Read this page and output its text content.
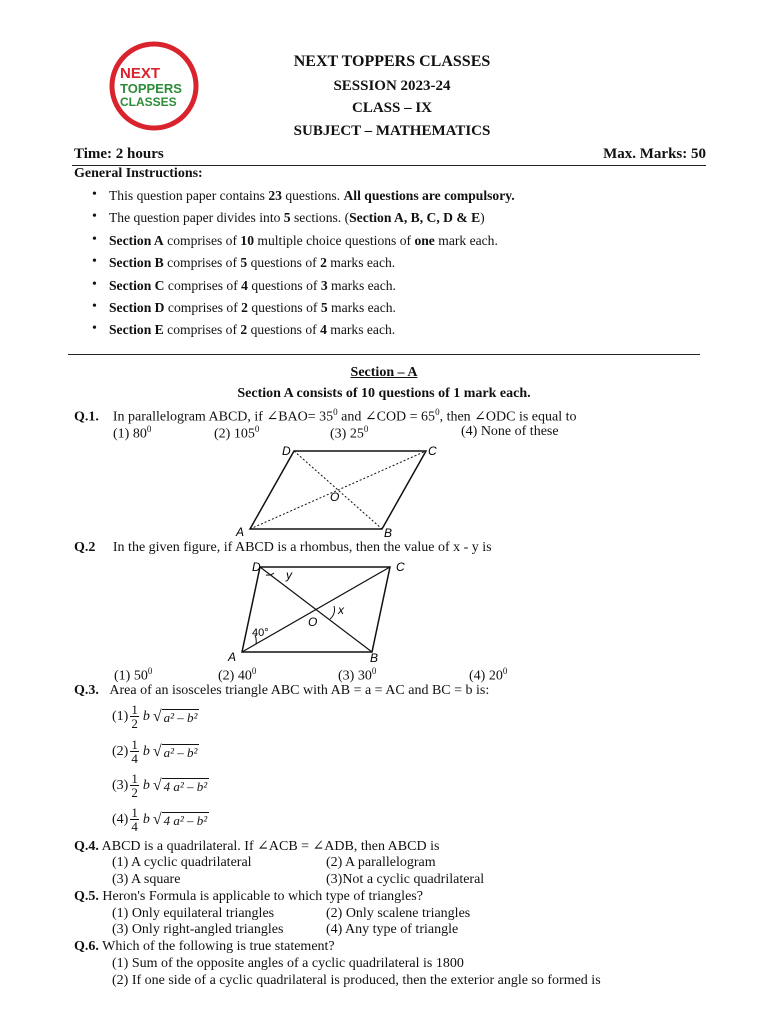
NEXT
TOPPERS
CLASSES
NEXT TOPPERS CLASSES
SESSION 2023-24
CLASS – IX
SUBJECT – MATHEMATICS
Time: 2 hours	Max. Marks: 50
General Instructions:
• This question paper contains 23 questions. All questions are compulsory.
• The question paper divides into 5 sections. (Section A, B, C, D & E)
• Section A comprises of 10 multiple choice questions of one mark each.
• Section B comprises of 5 questions of 2 marks each.
• Section C comprises of 4 questions of 3 marks each.
• Section D comprises of 2 questions of 5 marks each.
• Section E comprises of 2 questions of 4 marks each.
Section – A
Section A consists of 10 questions of 1 mark each.
Q.1. In parallelogram ABCD, if ∠BAO= $35^0$ and ∠COD = $65^0$, then ∠ODC is equal to
(1) $80^0$	(2) $105^0$	(3) $25^0$	(4) None of these
A	B
C
D
O
Q.2 In the given figure, if ABCD is a rhombus, then the value of x - y is
A	B
C
D
O
x
y
40°
(1) $50^0$	(2) $40^0$	(3) $30^0$	(4) $20^0$
Q.3. Area of an isosceles triangle ABC with AB = a = AC and BC = b is:
$(1) \frac{1}{2}$ b √ a² – b²
$(2) \frac{1}{4}$ b √ a² – b²
$(3) \frac{1}{2}$ b √ 4 a² – b²
$(4) \frac{1}{4}$ b √ 4 a² – b²
Q.4. ABCD is a quadrilateral. If ∠ACB = ∠ADB, then ABCD is
(1) A cyclic quadrilateral	(2) A parallelogram
(3) A square	(3)Not a cyclic quadrilateral
Q.5. Heron's Formula is applicable to which type of triangles?
(1) Only equilateral triangles	(2) Only scalene triangles
(3) Only right-angled triangles	(4) Any type of triangle
Q.6. Which of the following is true statement?
(1) Sum of the opposite angles of a cyclic quadrilateral is 1800
(2) If one side of a cyclic quadrilateral is produced, then the exterior angle so formed is
